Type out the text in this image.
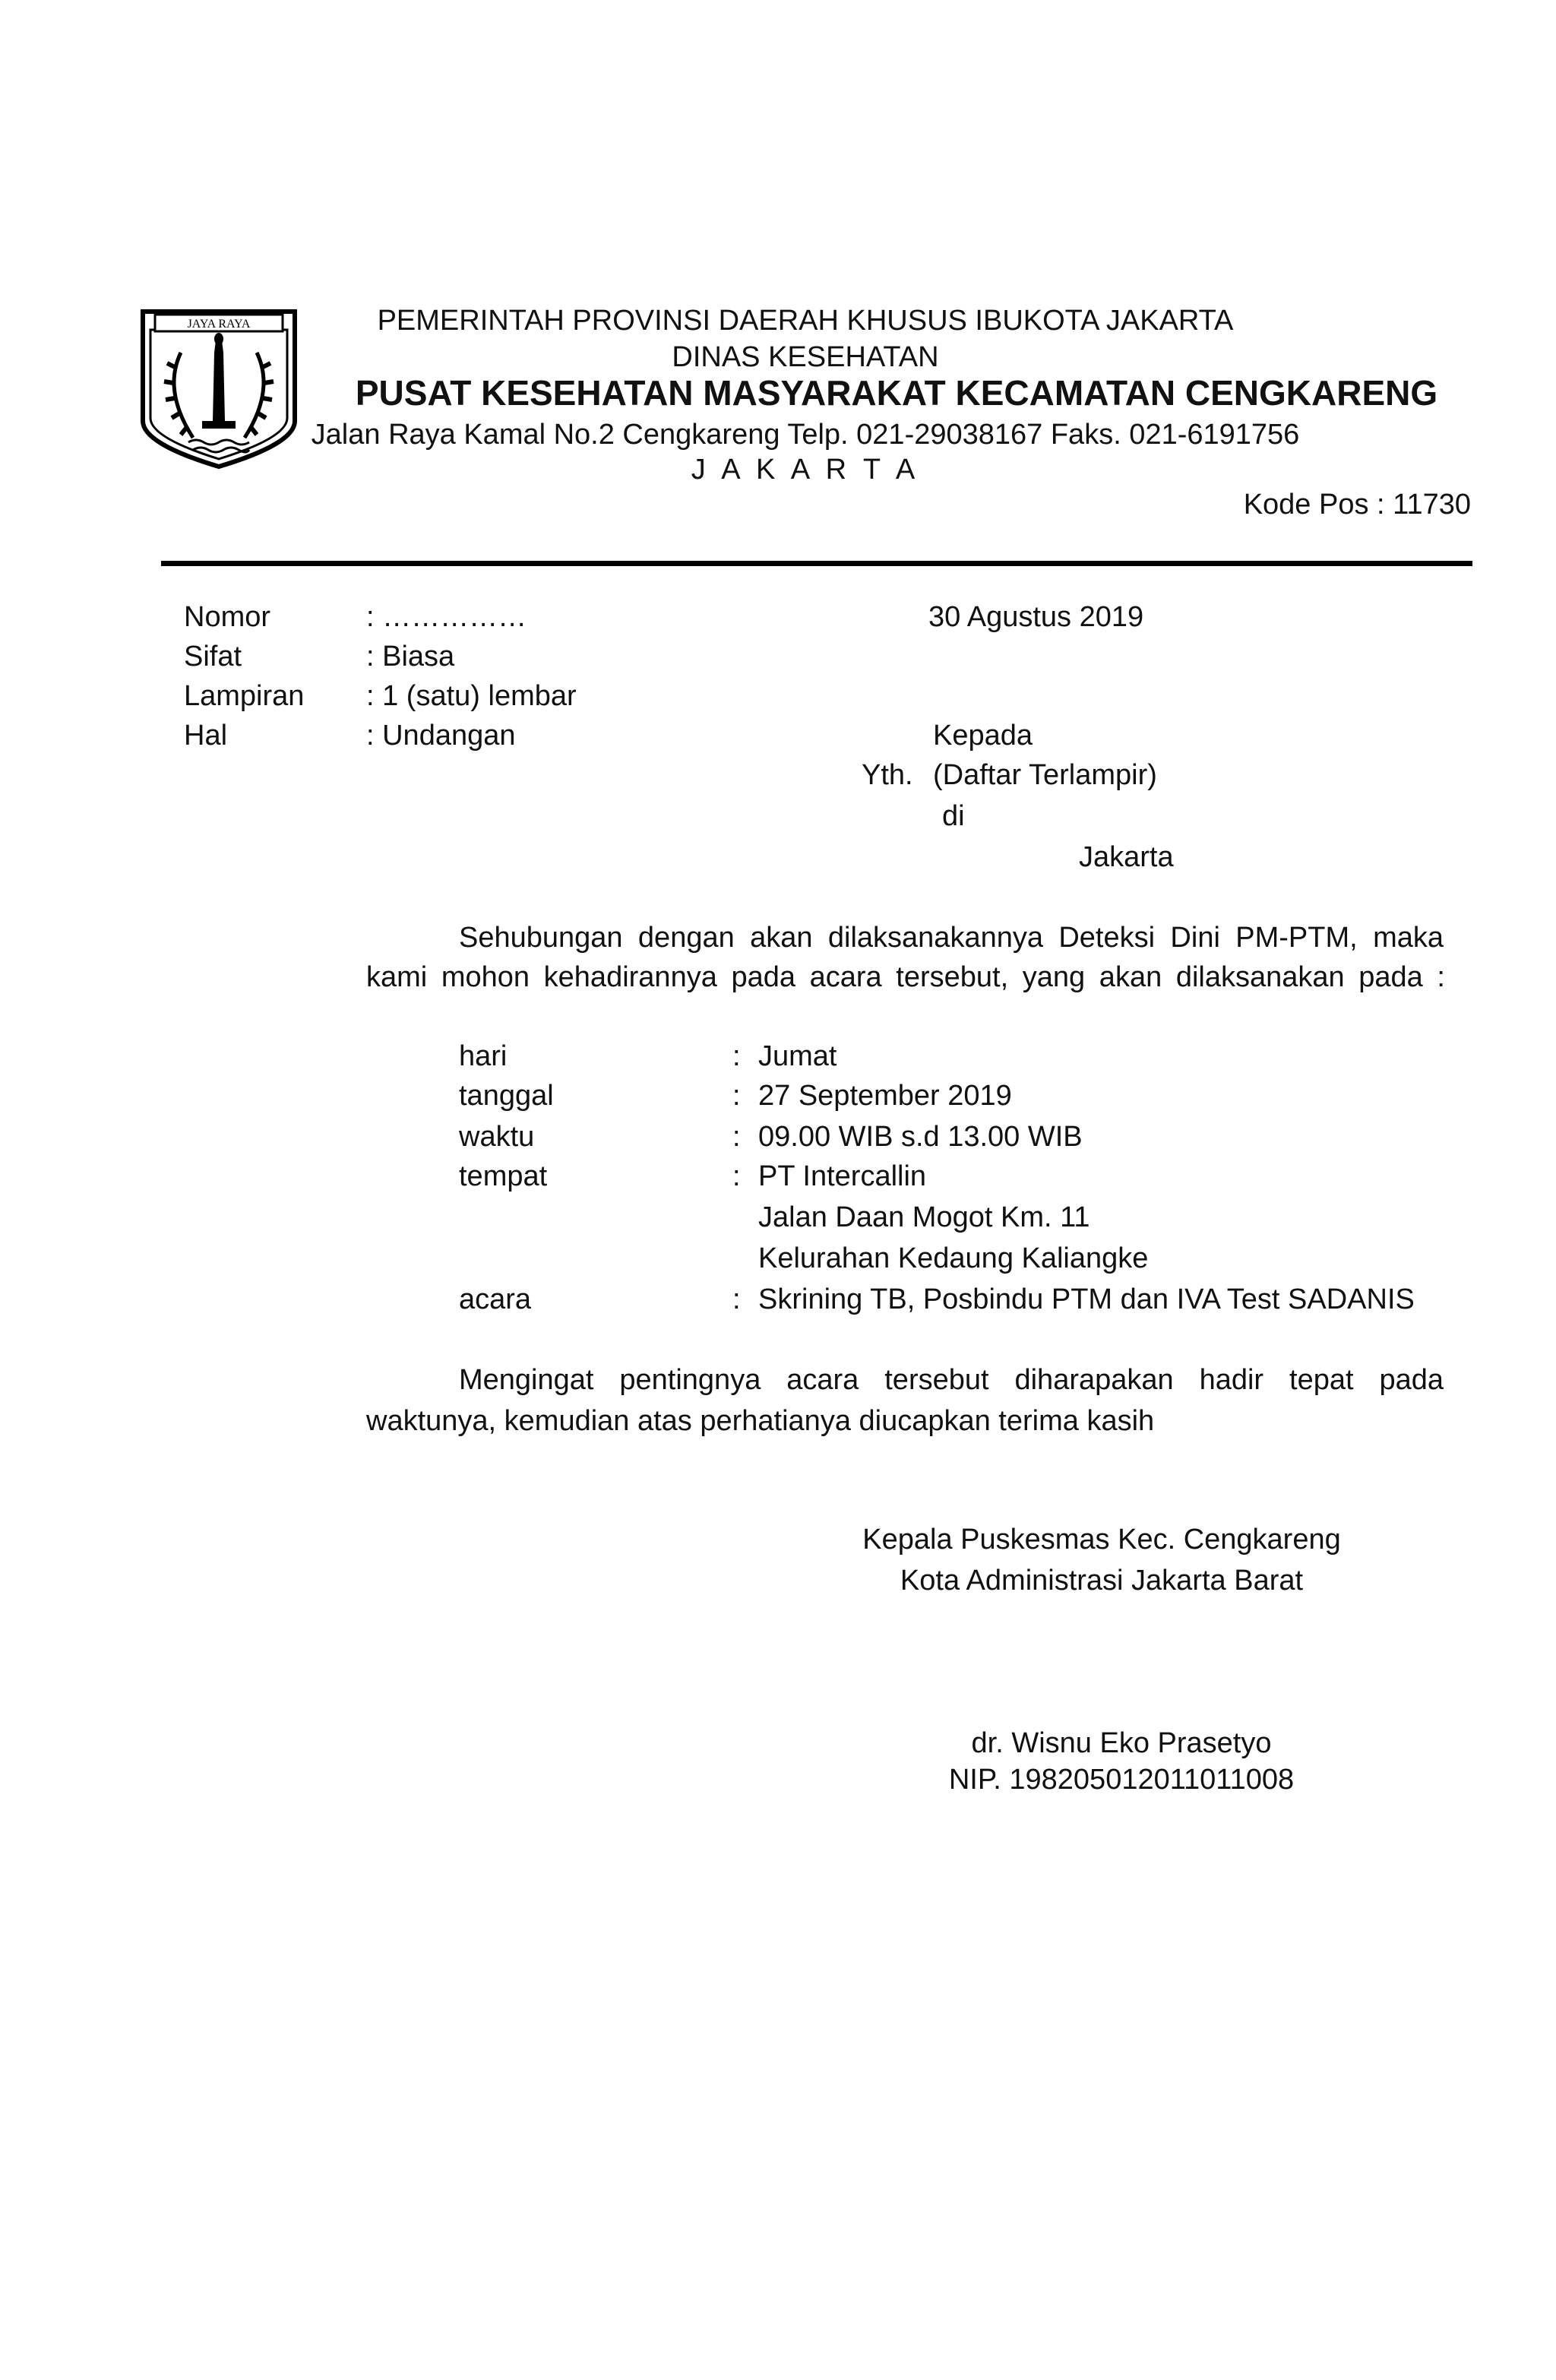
JAYA RAYA	PEMERINTAH PROVINSI DAERAH KHUSUS IBUKOTA JAKARTA
DINAS KESEHATAN
PUSAT KESEHATAN MASYARAKAT KECAMATAN CENGKARENG
Jalan Raya Kamal No.2 Cengkareng Telp. 021-29038167 Faks. 021-6191756
J A K A R T A
Kode Pos : 11730
Nomor	: ……………	30 Agustus 2019
Sifat	: Biasa
Lampiran : 1 (satu) lembar
Hal	: Undangan	Kepada
Yth. (Daftar Terlampir)
di
Jakarta
Sehubungan dengan akan dilaksanakannya Deteksi Dini PM-PTM, maka
kami mohon kehadirannya pada acara tersebut, yang akan dilaksanakan pada :
hari	: Jumat
tanggal	: 27 September 2019
waktu	: 09.00 WIB s.d 13.00 WIB
tempat	: PT Intercallin
Jalan Daan Mogot Km. 11
Kelurahan Kedaung Kaliangke
acara	: Skrining TB, Posbindu PTM dan IVA Test SADANIS
Mengingat pentingnya acara tersebut diharapakan hadir tepat pada
waktunya, kemudian atas perhatianya diucapkan terima kasih
Kepala Puskesmas Kec. Cengkareng
Kota Administrasi Jakarta Barat
dr. Wisnu Eko Prasetyo
NIP. 198205012011011008
